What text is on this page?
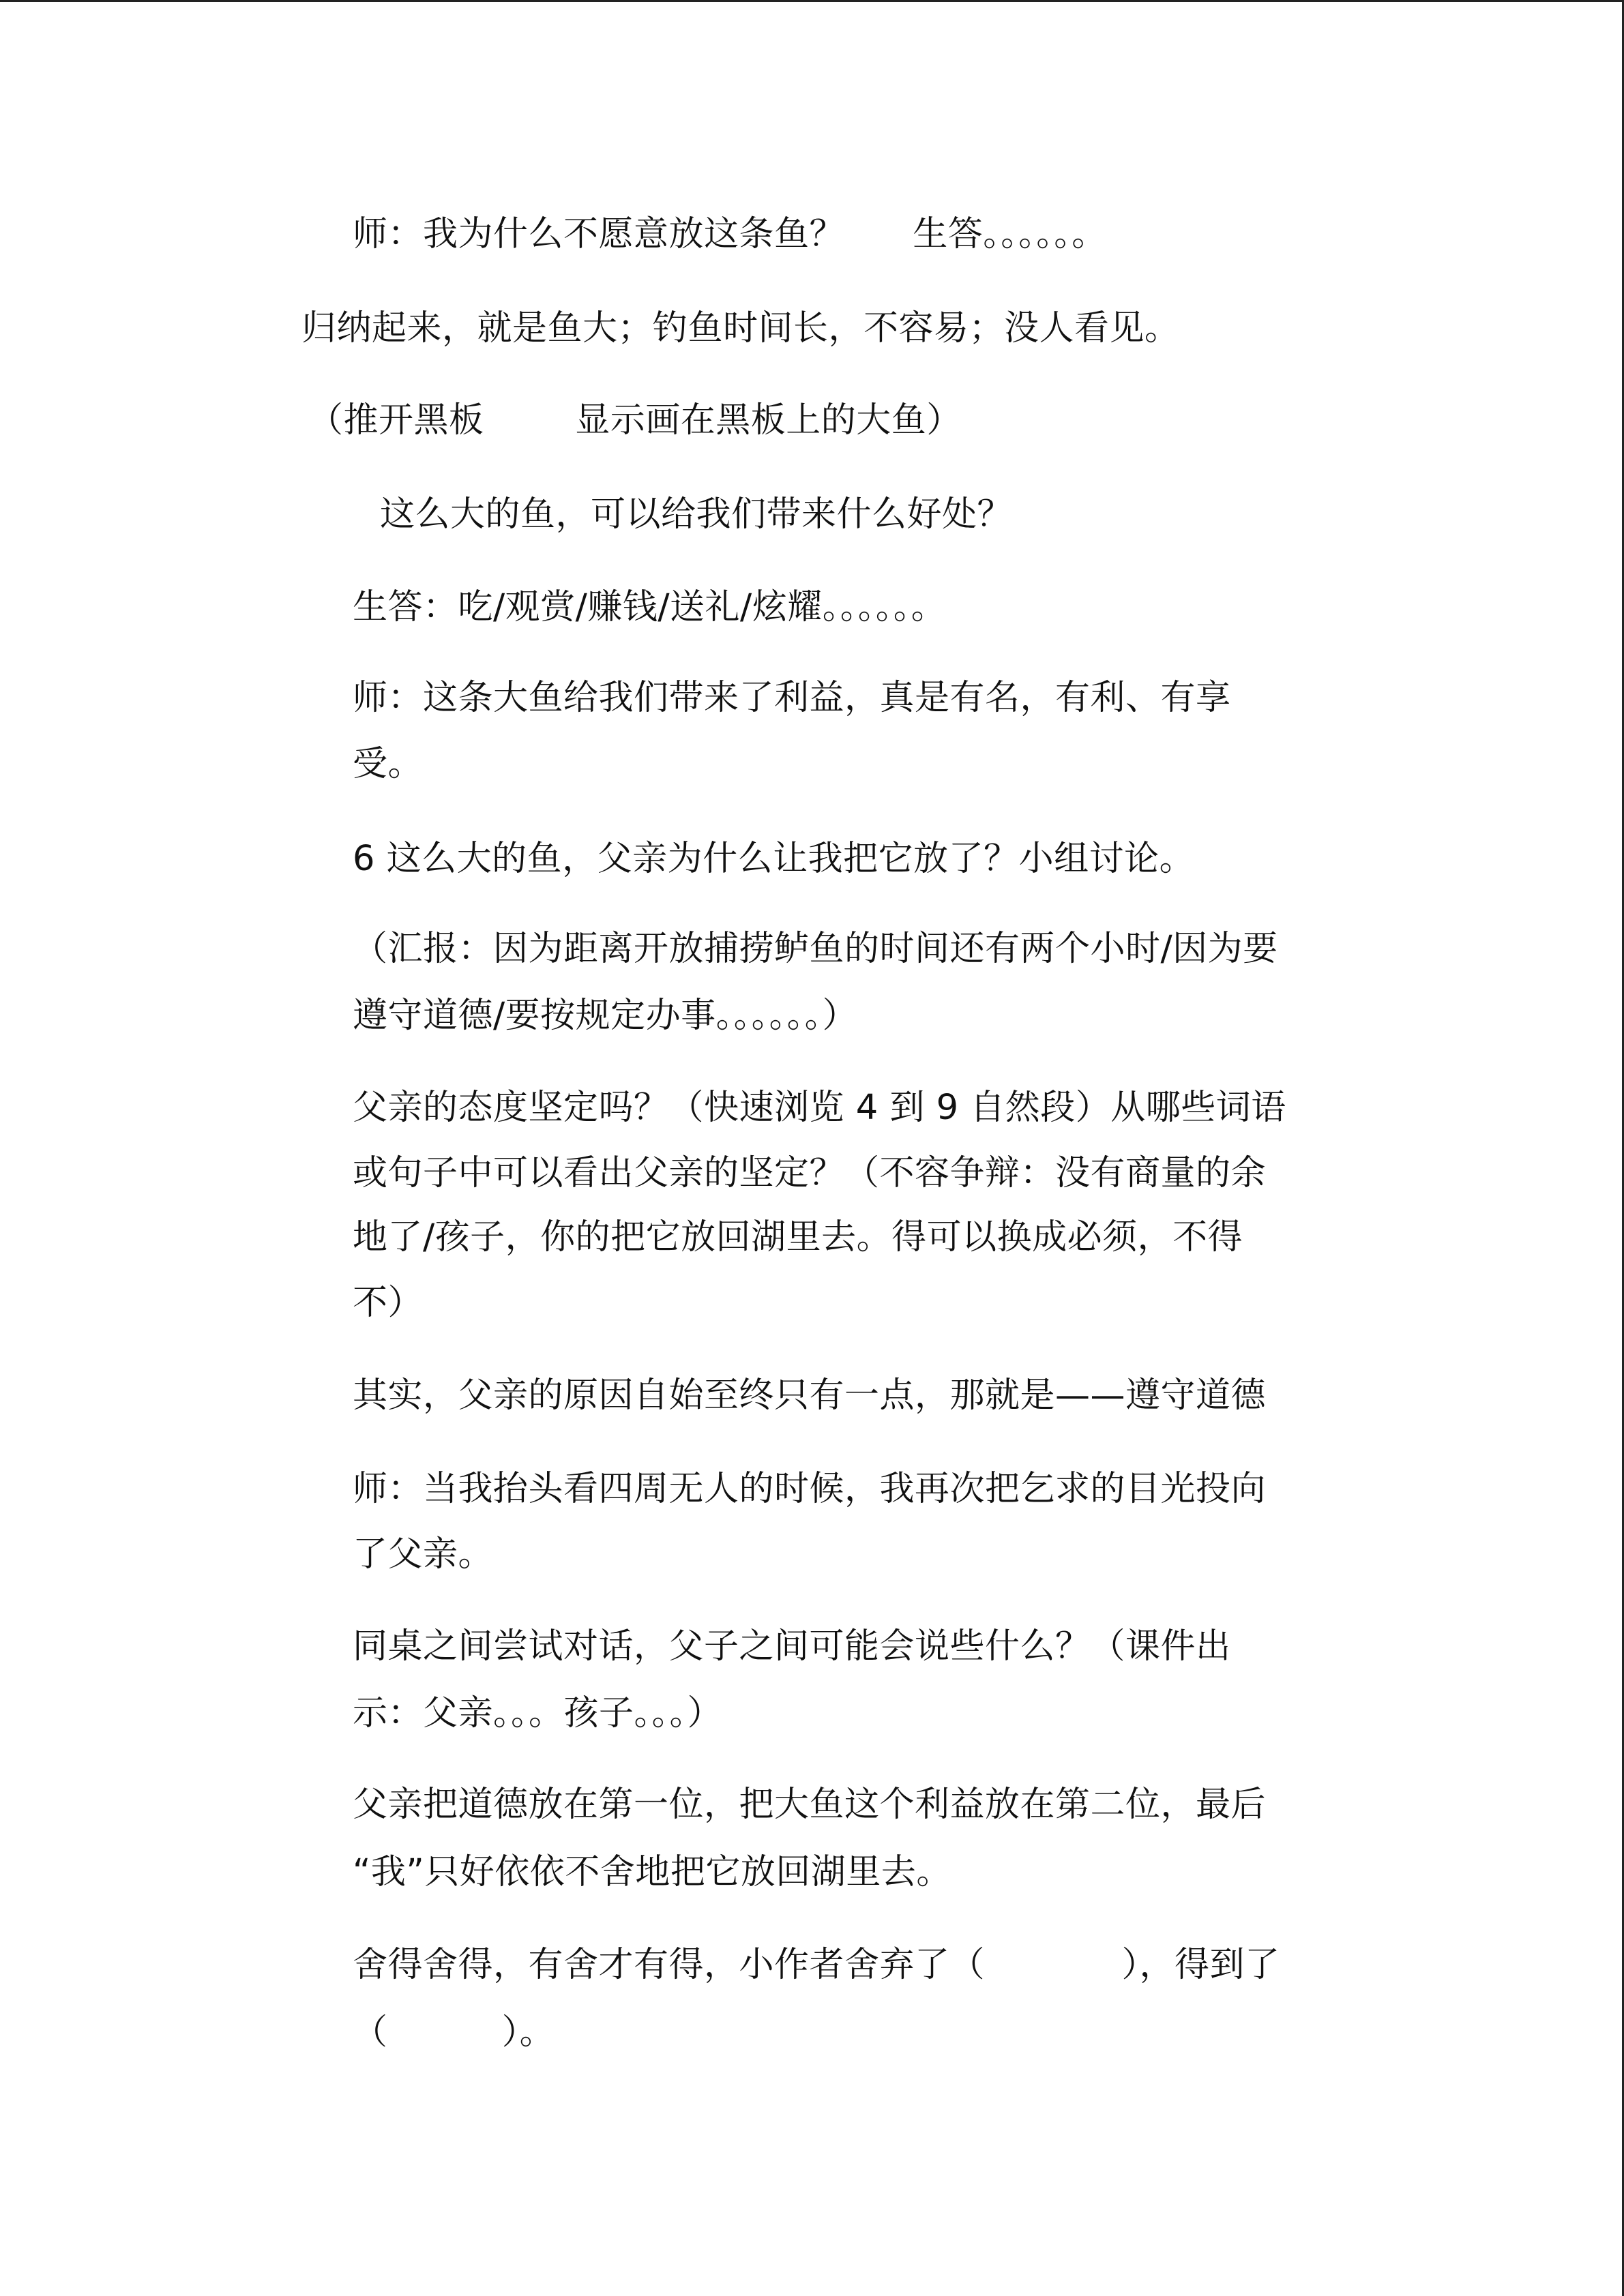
师：我为什么不愿意放这条鱼？      生答。。。。。。
归纳起来，就是鱼大；钓鱼时间长，不容易；没人看见。
（推开黑板        显示画在黑板上的大鱼）
这么大的鱼，可以给我们带来什么好处？
生答：吃/观赏/赚钱/送礼/炫耀。。。。。。
师：这条大鱼给我们带来了利益，真是有名，有利、有享
受。
6 这么大的鱼，父亲为什么让我把它放了？小组讨论。
（汇报：因为距离开放捕捞鲈鱼的时间还有两个小时/因为要
遵守道德/要按规定办事。。。。。。）
父亲的态度坚定吗？（快速浏览 4 到 9 自然段）从哪些词语
或句子中可以看出父亲的坚定？（不容争辩：没有商量的余
地了/孩子，你的把它放回湖里去。得可以换成必须，不得
不）
其实，父亲的原因自始至终只有一点，那就是——遵守道德
师：当我抬头看四周无人的时候，我再次把乞求的目光投向
了父亲。
同桌之间尝试对话，父子之间可能会说些什么？（课件出
示：父亲。。。孩子。。。）
父亲把道德放在第一位，把大鱼这个利益放在第二位，最后
“我”只好依依不舍地把它放回湖里去。
舍得舍得，有舍才有得，小作者舍弃了（            ），得到了
（          ）。
